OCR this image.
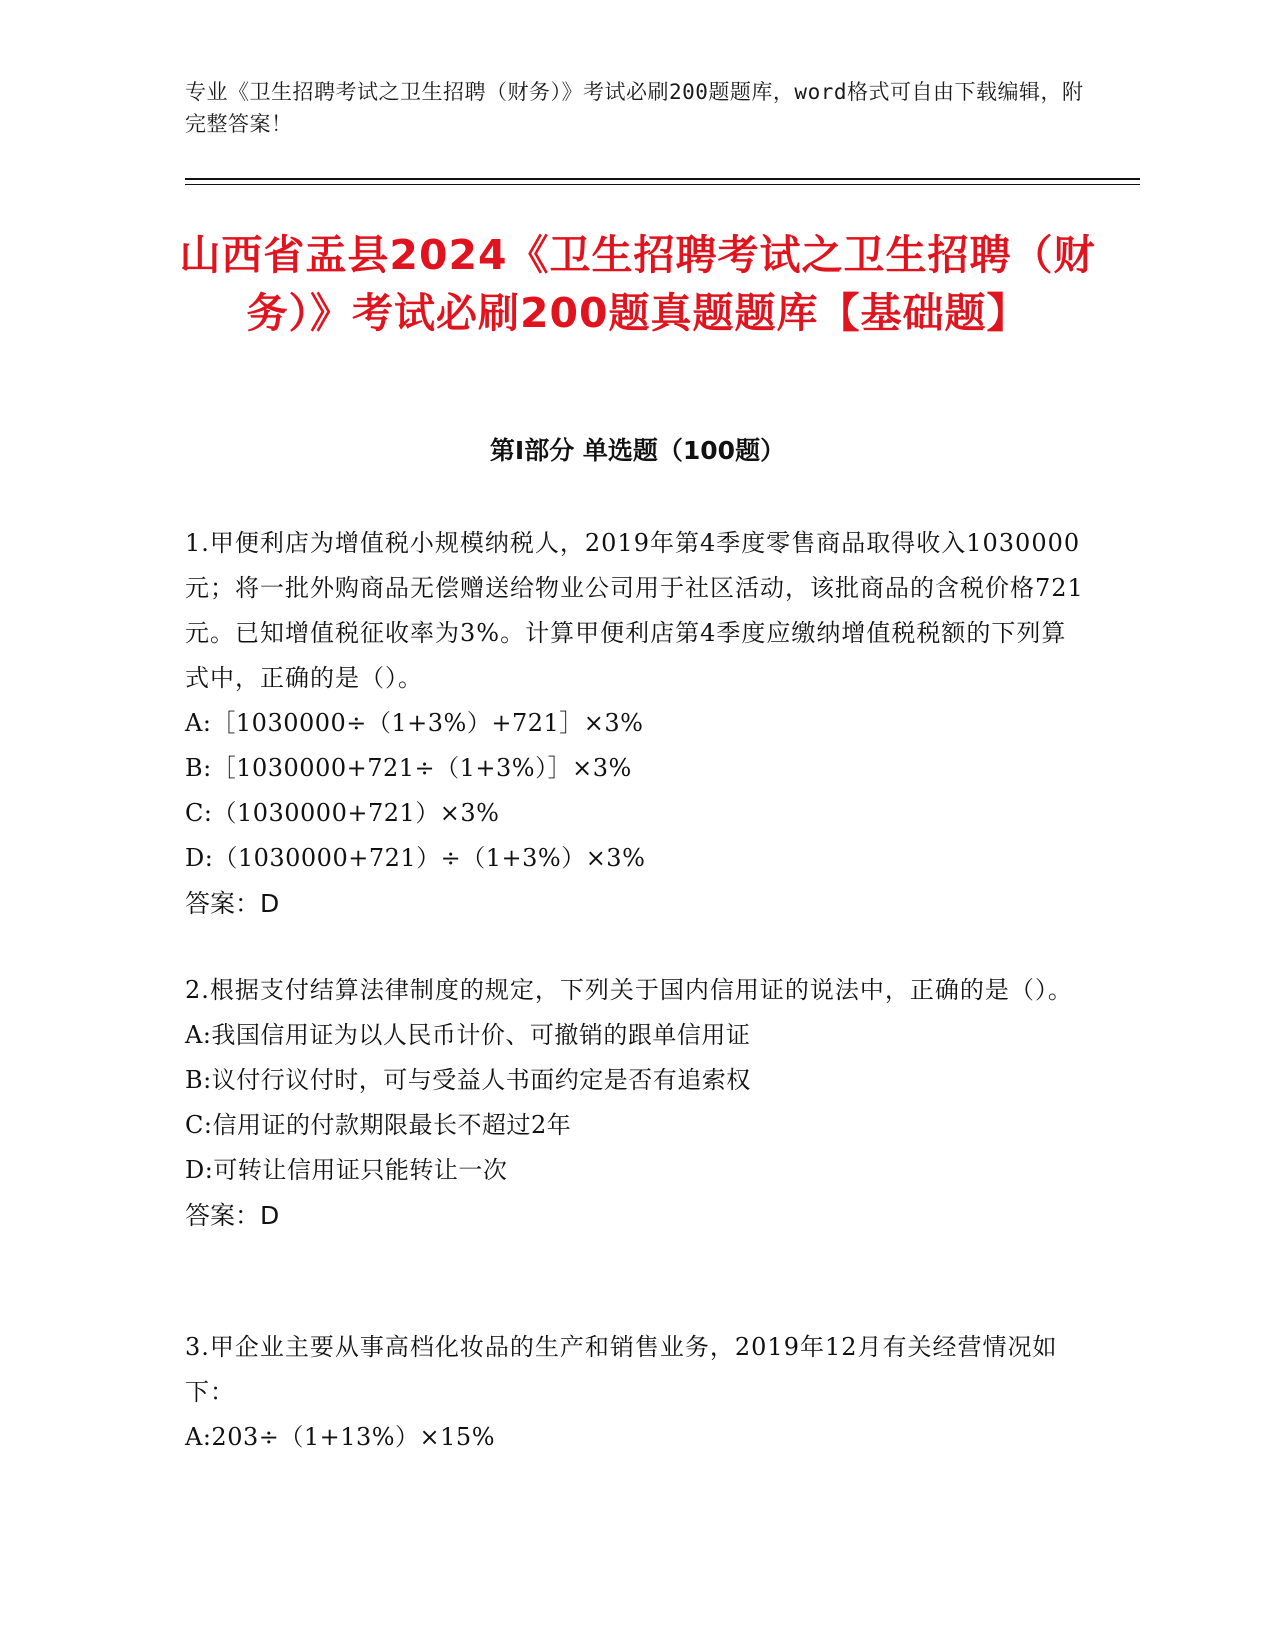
专业《卫生招聘考试之卫生招聘（财务）》考试必刷200题题库，word格式可自由下载编辑，附完整答案！
山西省盂县2024《卫生招聘考试之卫生招聘（财务）》考试必刷200题真题题库【基础题】
第Ⅰ部分 单选题（100题）

1.甲便利店为增值税小规模纳税人，2019年第4季度零售商品取得收入1030000元；将一批外购商品无偿赠送给物业公司用于社区活动，该批商品的含税价格721元。已知增值税征收率为3%。计算甲便利店第4季度应缴纳增值税税额的下列算式中，正确的是（）。

A:［1030000÷（1+3%）+721］×3%

B:［1030000+721÷（1+3%）］×3%

C:（1030000+721）×3%

D:（1030000+721）÷（1+3%）×3%

答案：D

2.根据支付结算法律制度的规定，下列关于国内信用证的说法中，正确的是（）。

A:我国信用证为以人民币计价、可撤销的跟单信用证

B:议付行议付时，可与受益人书面约定是否有追索权

C:信用证的付款期限最长不超过2年

D:可转让信用证只能转让一次

答案：D

3.甲企业主要从事高档化妆品的生产和销售业务，2019年12月有关经营情况如下：

A:203÷（1+13%）×15%
